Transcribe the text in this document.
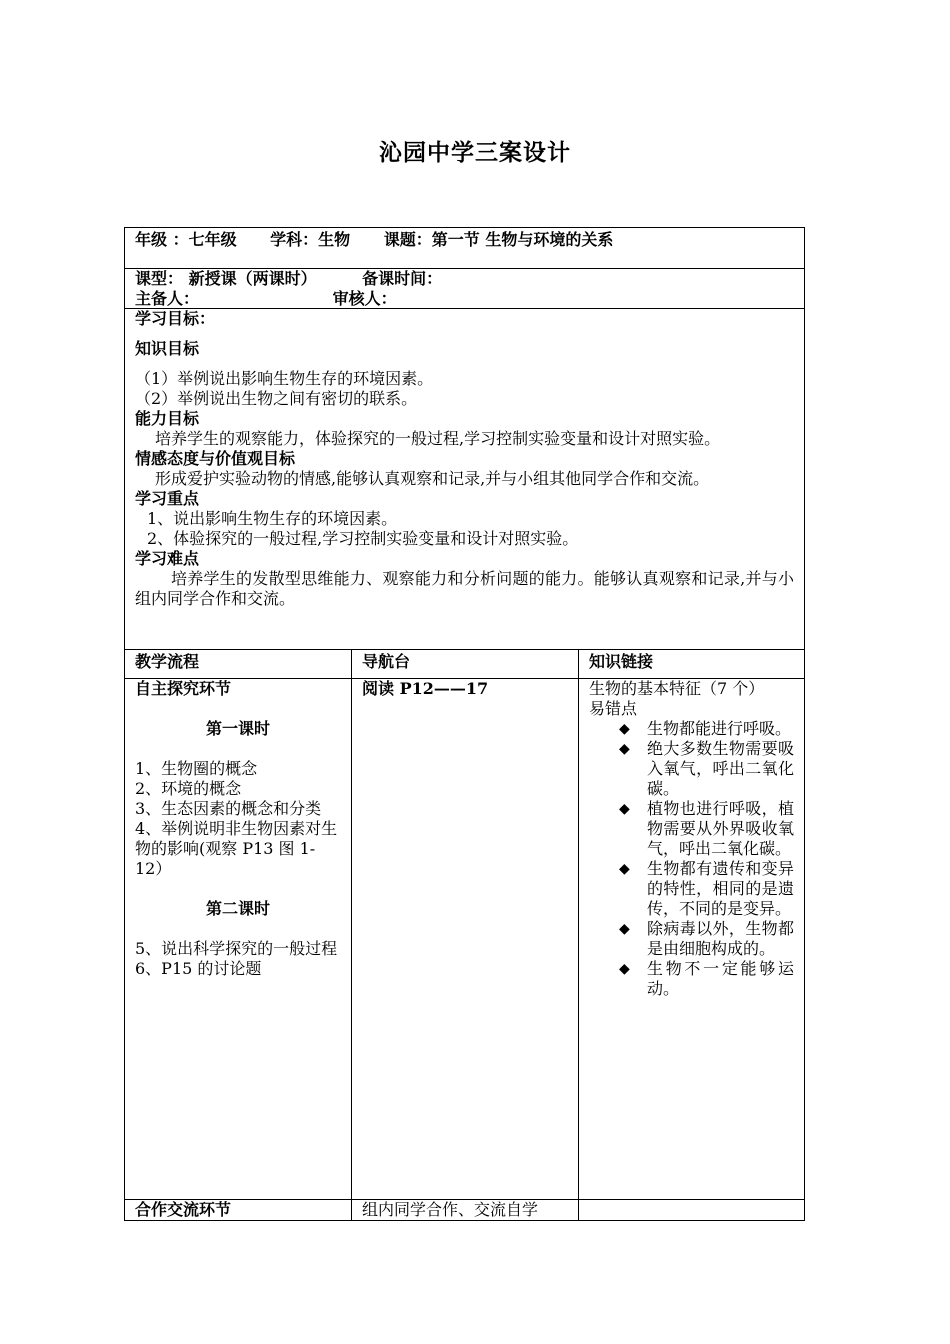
沁园中学三案设计
年级 ：七年级 学科：生物 课题：第一节 生物与环境的关系
课型： 新授课（两课时）	备课时间：
主备人：	审核人：
学习目标：
知识目标
（1）举例说出影响生物生存的环境因素。
（2）举例说出生物之间有密切的联系。
能力目标
培养学生的观察能力，体验探究的一般过程,学习控制实验变量和设计对照实验。
情感态度与价值观目标
形成爱护实验动物的情感,能够认真观察和记录,并与小组其他同学合作和交流。
学习重点
1、说出影响生物生存的环境因素。
2、体验探究的一般过程,学习控制实验变量和设计对照实验。
学习难点
培养学生的发散型思维能力、观察能力和分析问题的能力。能够认真观察和记录,并与小组内同学合作和交流。
教学流程	导航台	知识链接
自主探究环节
第一课时
1、生物圈的概念
2、环境的概念
3、生态因素的概念和分类
4、举例说明非生物因素对生物的影响(观察 P13 图 1-12）
第二课时
5、说出科学探究的一般过程
6、P15 的讨论题
阅读 P12——17	生物的基本特征（7 个）
易错点
◆	生物都能进行呼吸。
◆	绝大多数生物需要吸入氧气，呼出二氧化碳。
◆	植物也进行呼吸，植物需要从外界吸收氧气，呼出二氧化碳。
◆	生物都有遗传和变异的特性，相同的是遗传，不同的是变异。
◆	除病毒以外，生物都是由细胞构成的。
◆	生物不一定能够运动。
合作交流环节	组内同学合作、交流自学
